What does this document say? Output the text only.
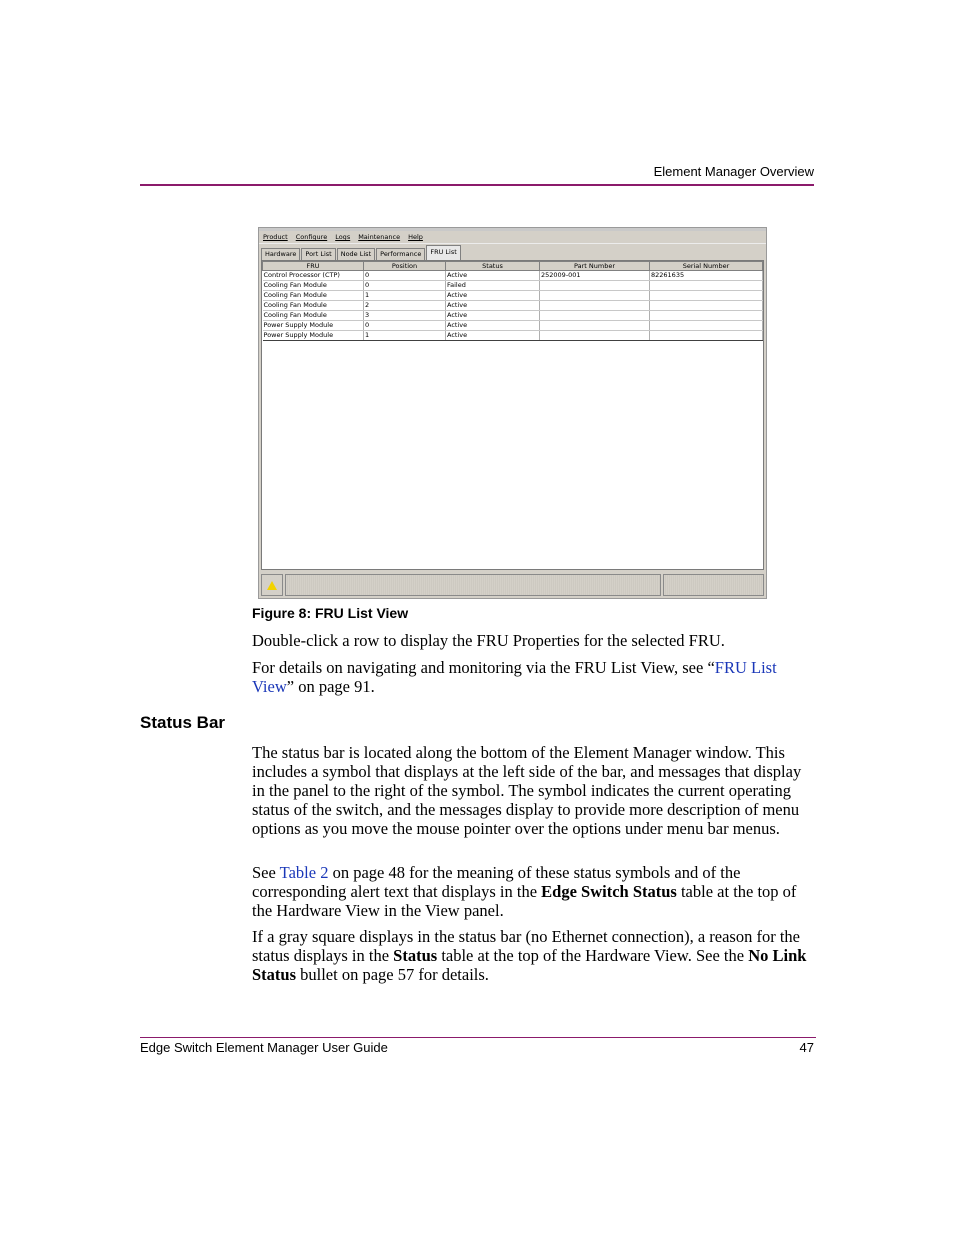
Element Manager Overview
Product Configure Logs Maintenance Help
Hardware	Port List	Node List	Performance	FRU List
FRU	Position	Status	Part Number	Serial Number
Control Processor (CTP)	0	Active	252009-001	82261635
Cooling Fan Module	0	Failed		
Cooling Fan Module	1	Active		
Cooling Fan Module	2	Active		
Cooling Fan Module	3	Active		
Power Supply Module	0	Active		
Power Supply Module	1	Active		
Figure 8: FRU List View

Double-click a row to display the FRU Properties for the selected FRU.

For details on navigating and monitoring via the FRU List View, see “FRU List View” on page 91.

Status Bar

The status bar is located along the bottom of the Element Manager window. This includes a symbol that displays at the left side of the bar, and messages that display in the panel to the right of the symbol. The symbol indicates the current operating status of the switch, and the messages display to provide more description of menu options as you move the mouse pointer over the options under menu bar menus.

See Table 2 on page 48 for the meaning of these status symbols and of the corresponding alert text that displays in the Edge Switch Status table at the top of the Hardware View in the View panel.

If a gray square displays in the status bar (no Ethernet connection), a reason for the status displays in the Status table at the top of the Hardware View. See the No Link Status bullet on page 57 for details.

Edge Switch Element Manager User Guide	47
